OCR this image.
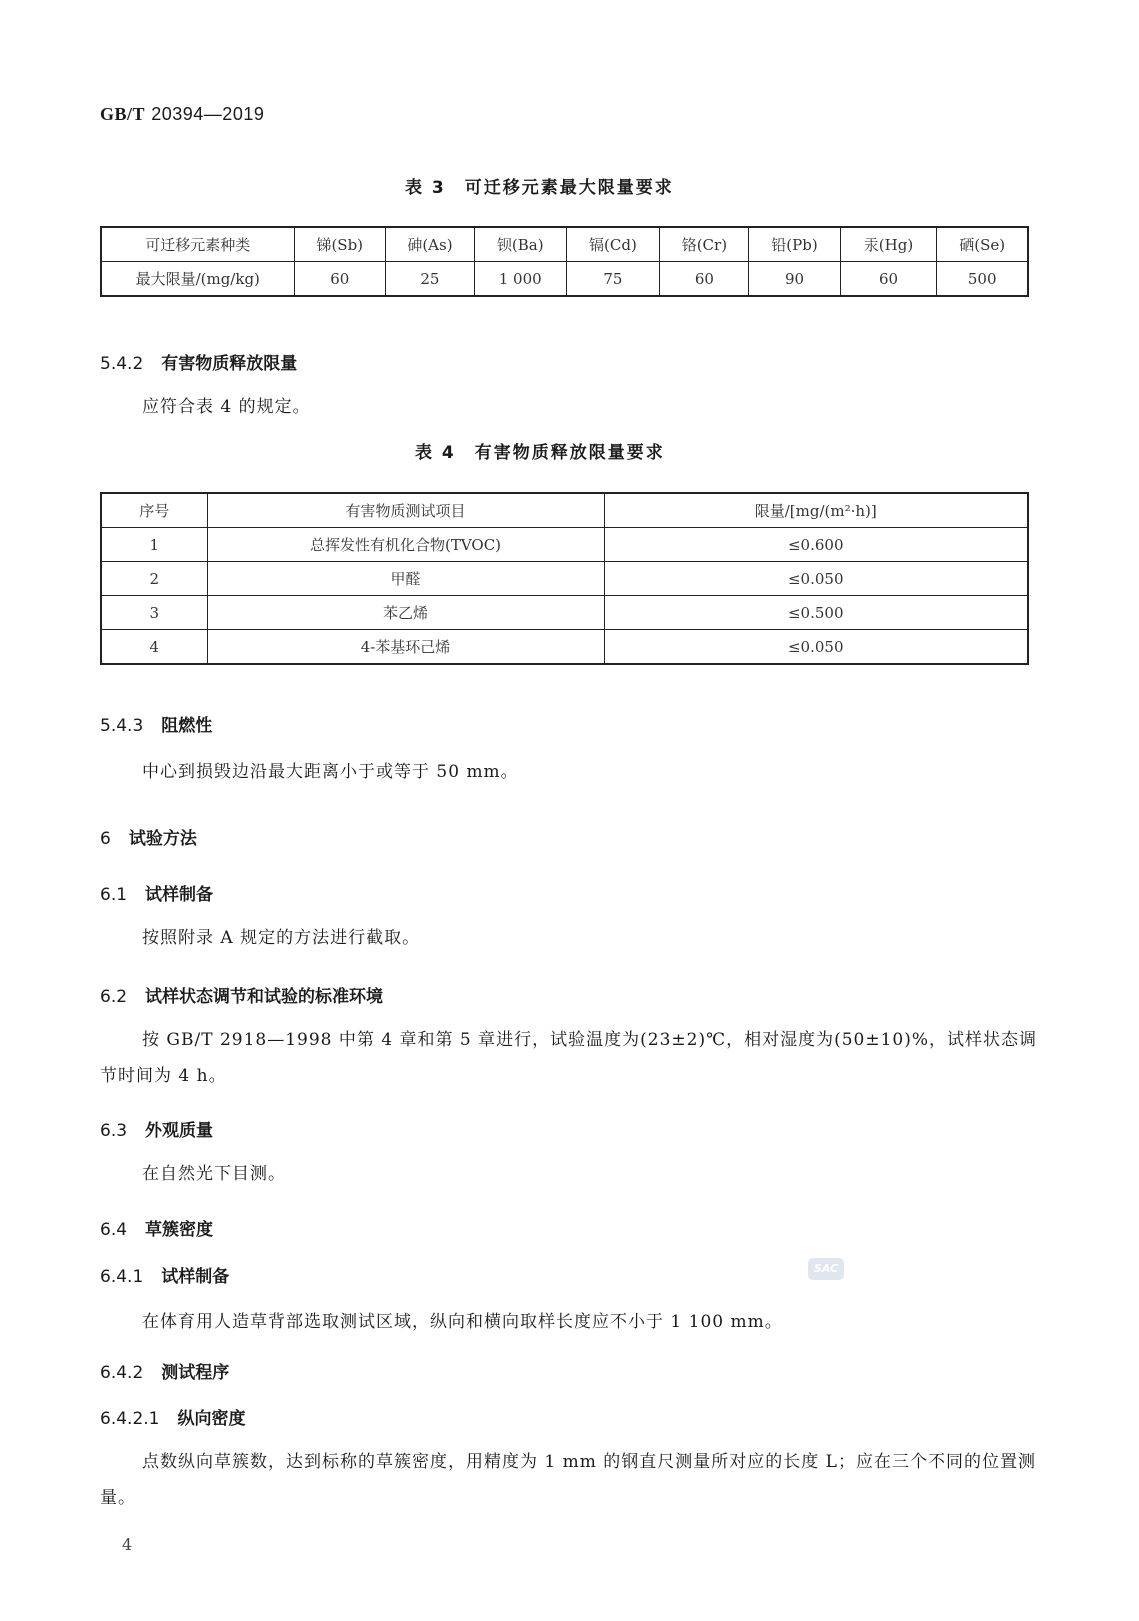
GB/T 20394—2019
表 3　可迁移元素最大限量要求
可迁移元素种类	锑(Sb)	砷(As)	钡(Ba)	镉(Cd)	铬(Cr)	铅(Pb)	汞(Hg)	硒(Se)
最大限量/(mg/kg)	60	25	1 000	75	60	90	60	500
5.4.2 有害物质释放限量
应符合表 4 的规定。
表 4　有害物质释放限量要求
序号	有害物质测试项目	限量/[mg/(m²·h)]
1	总挥发性有机化合物(TVOC)	≤0.600
2	甲醛	≤0.050
3	苯乙烯	≤0.500
4	4-苯基环己烯	≤0.050
5.4.3 阻燃性
中心到损毁边沿最大距离小于或等于 50 mm。
6 试验方法
6.1 试样制备
按照附录 A 规定的方法进行截取。
6.2 试样状态调节和试验的标准环境
按 GB/T 2918—1998 中第 4 章和第 5 章进行，试验温度为(23±2)℃，相对湿度为(50±10)%，试样状态调节时间为 4 h。
6.3 外观质量
在自然光下目测。
6.4 草簇密度
6.4.1 试样制备	SAC
在体育用人造草背部选取测试区域，纵向和横向取样长度应不小于 1 100 mm。
6.4.2 测试程序
6.4.2.1 纵向密度
点数纵向草簇数，达到标称的草簇密度，用精度为 1 mm 的钢直尺测量所对应的长度 L；应在三个不同的位置测量。
4
